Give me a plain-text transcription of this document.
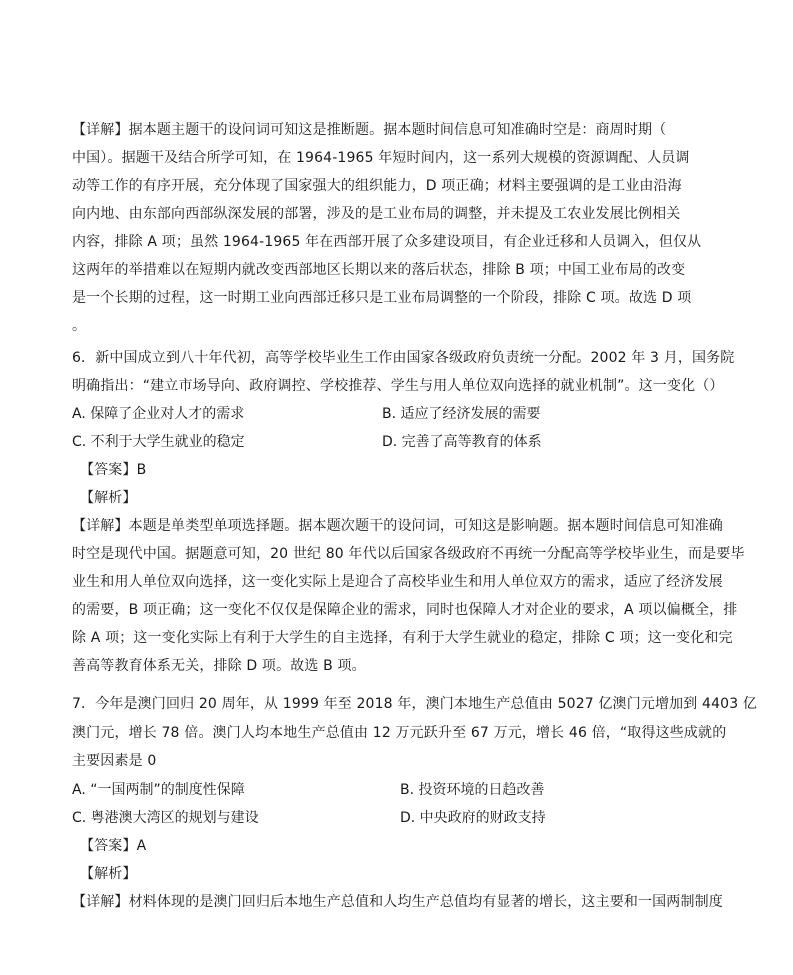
【详解】据本题主题干的设问词可知这是推断题。据本题时间信息可知准确时空是：商周时期（
中国）。据题干及结合所学可知，在 1964-1965 年短时间内，这一系列大规模的资源调配、人员调
动等工作的有序开展，充分体现了国家强大的组织能力，D 项正确；材料主要强调的是工业由沿海
向内地、由东部向西部纵深发展的部署，涉及的是工业布局的调整，并未提及工农业发展比例相关
内容，排除 A 项；虽然 1964-1965 年在西部开展了众多建设项目，有企业迁移和人员调入，但仅从
这两年的举措难以在短期内就改变西部地区长期以来的落后状态，排除 B 项；中国工业布局的改变
是一个长期的过程，这一时期工业向西部迁移只是工业布局调整的一个阶段，排除 C 项。故选 D 项
。
6．新中国成立到八十年代初，高等学校毕业生工作由国家各级政府负责统一分配。2002 年 3 月，国务院
明确指出：“建立市场导向、政府调控、学校推荐、学生与用人单位双向选择的就业机制”。这一变化（）
A. 保障了企业对人才的需求	B. 适应了经济发展的需要
C. 不利于大学生就业的稳定	D. 完善了高等教育的体系
【答案】B
【解析】
【详解】本题是单类型单项选择题。据本题次题干的设问词，可知这是影响题。据本题时间信息可知准确
时空是现代中国。据题意可知，20 世纪 80 年代以后国家各级政府不再统一分配高等学校毕业生，而是要毕
业生和用人单位双向选择，这一变化实际上是迎合了高校毕业生和用人单位双方的需求，适应了经济发展
的需要，B 项正确；这一变化不仅仅是保障企业的需求，同时也保障人才对企业的要求，A 项以偏概全，排
除 A 项；这一变化实际上有利于大学生的自主选择，有利于大学生就业的稳定，排除 C 项；这一变化和完
善高等教育体系无关，排除 D 项。故选 B 项。
7．今年是澳门回归 20 周年，从 1999 年至 2018 年，澳门本地生产总值由 5027 亿澳门元增加到 4403 亿
澳门元，增长 78 倍。澳门人均本地生产总值由 12 万元跃升至 67 万元，增长 46 倍，“取得这些成就的
主要因素是 0
A. “一国两制”的制度性保障	B. 投资环境的日趋改善
C. 粤港澳大湾区的规划与建设	D. 中央政府的财政支持
【答案】A
【解析】
【详解】材料体现的是澳门回归后本地生产总值和人均生产总值均有显著的增长，这主要和一国两制制度
